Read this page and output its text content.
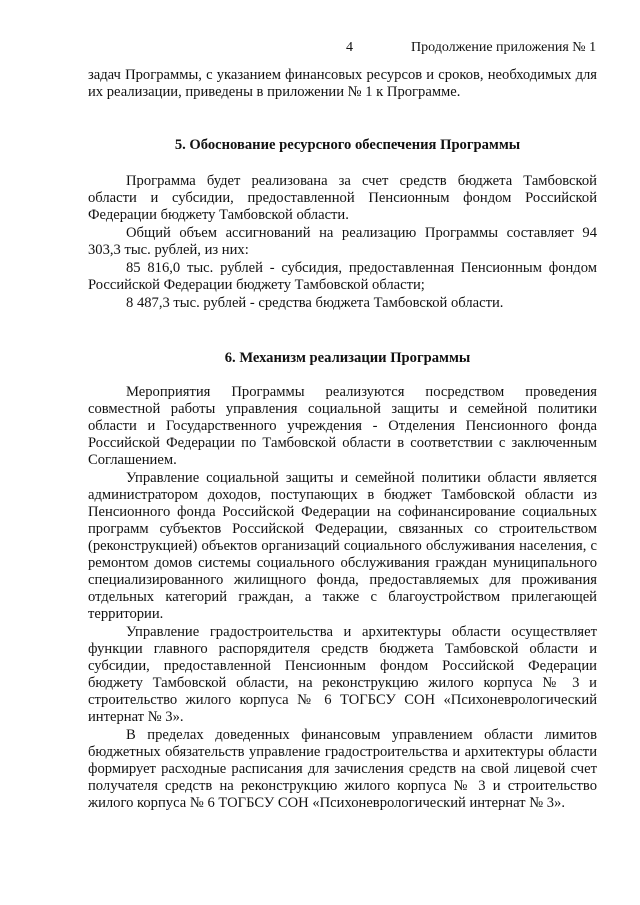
4	Продолжение приложения № 1

задач Программы, с указанием финансовых ресурсов и сроков, необходимых для их реализации, приведены в приложении № 1 к Программе.

5. Обоснование ресурсного обеспечения Программы

Программа будет реализована за счет средств бюджета Тамбовской области и субсидии, предоставленной Пенсионным фондом Российской Федерации бюджету Тамбовской области.

Общий объем ассигнований на реализацию Программы составляет 94 303,3 тыс. рублей, из них:

85 816,0 тыс. рублей - субсидия, предоставленная Пенсионным фондом Российской Федерации бюджету Тамбовской области;

8 487,3 тыс. рублей - средства бюджета Тамбовской области.

6. Механизм реализации Программы

Мероприятия Программы реализуются посредством проведения совместной работы управления социальной защиты и семейной политики области и Государственного учреждения - Отделения Пенсионного фонда Российской Федерации по Тамбовской области в соответствии с заключенным Соглашением.

Управление социальной защиты и семейной политики области является администратором доходов, поступающих в бюджет Тамбовской области из Пенсионного фонда Российской Федерации на софинансирование социальных программ субъектов Российской Федерации, связанных со строительством (реконструкцией) объектов организаций социального обслуживания населения, с ремонтом домов системы социального обслуживания граждан муниципального специализированного жилищного фонда, предоставляемых для проживания отдельных категорий граждан, а также с благоустройством прилегающей территории.

Управление градостроительства и архитектуры области осуществляет функции главного распорядителя средств бюджета Тамбовской области и субсидии, предоставленной Пенсионным фондом Российской Федерации бюджету Тамбовской области, на реконструкцию жилого корпуса № 3 и строительство жилого корпуса № 6 ТОГБСУ СОН «Психоневрологический интернат № 3».

В пределах доведенных финансовым управлением области лимитов бюджетных обязательств управление градостроительства и архитектуры области формирует расходные расписания для зачисления средств на свой лицевой счет получателя средств на реконструкцию жилого корпуса № 3 и строительство жилого корпуса № 6 ТОГБСУ СОН «Психоневрологический интернат № 3».
